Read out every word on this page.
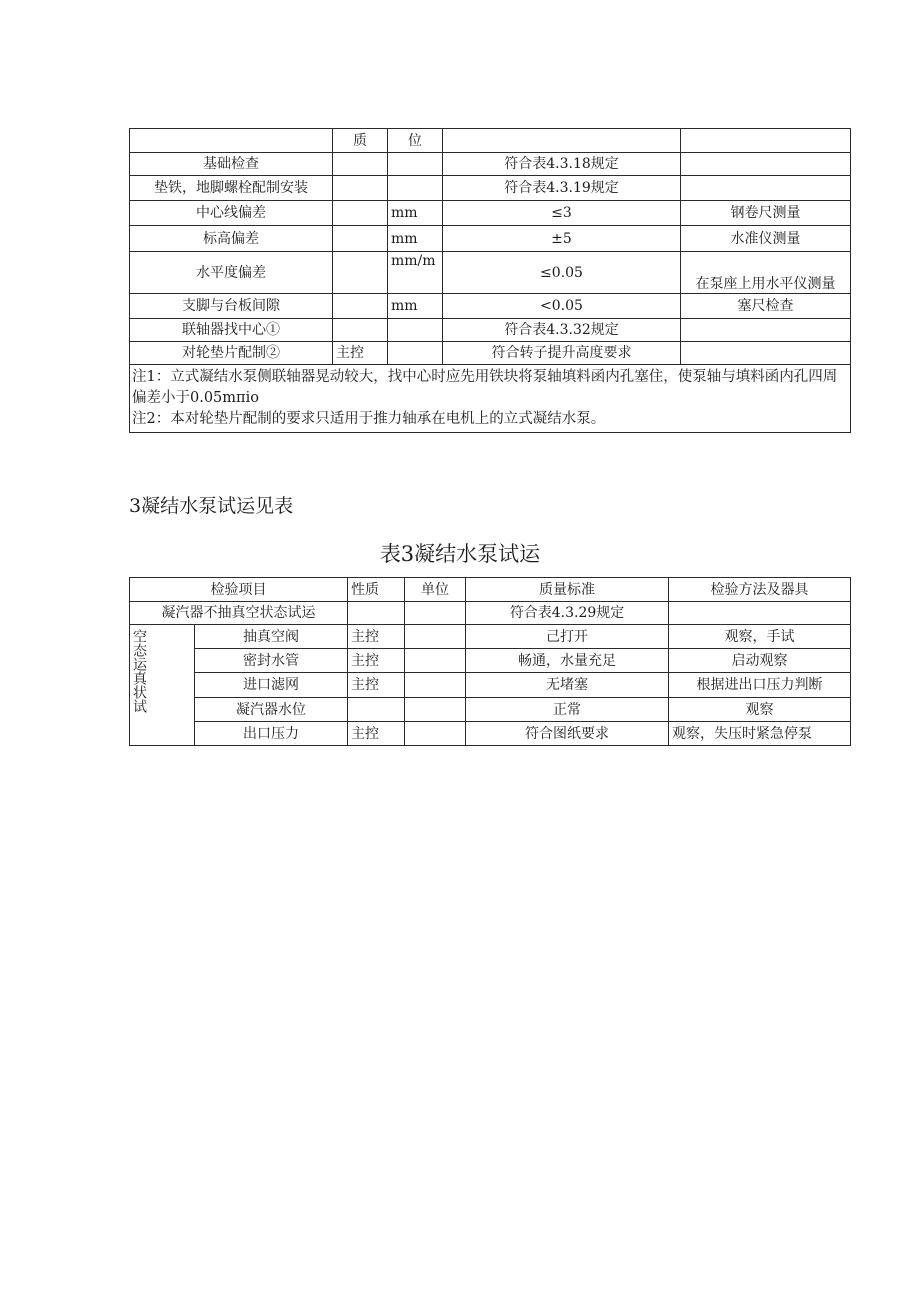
	质	位		
基础检查			符合表4.3.18规定	
垫铁，地脚螺栓配制安装			符合表4.3.19规定	
中心线偏差		mm	≤3	钢卷尺测量
标高偏差		mm	±5	水准仪测量
水平度偏差		mm/m	≤0.05	在泵座上用水平仪测量
支脚与台板间隙		mm	<0.05	塞尺检查
联轴器找中心①			符合表4.3.32规定	
对轮垫片配制②	主控		符合转子提升高度要求	

注1：立式凝结水泵侧联轴器晃动较大，找中心时应先用铁块将泵轴填料函内孔塞住，使泵轴与填料函内孔四周偏差小于0.05mπio
注2：本对轮垫片配制的要求只适用于推力轴承在电机上的立式凝结水泵。				
3凝结水泵试运见表
表3凝结水泵试运
检验项目		性质	单位	质量标准	检验方法及器具
凝汽器不抽真空状态试运				符合表4.3.29规定	
空态运真状试	抽真空阀	主控		己打开	观察，手试
	密封水管	主控		畅通，水量充足	启动观察
	进口滤网	主控		无堵塞	根据进出口压力判断
	凝汽器水位			正常	观察
	出口压力	主控		符合图纸要求	观察，失压时紧急停泵
